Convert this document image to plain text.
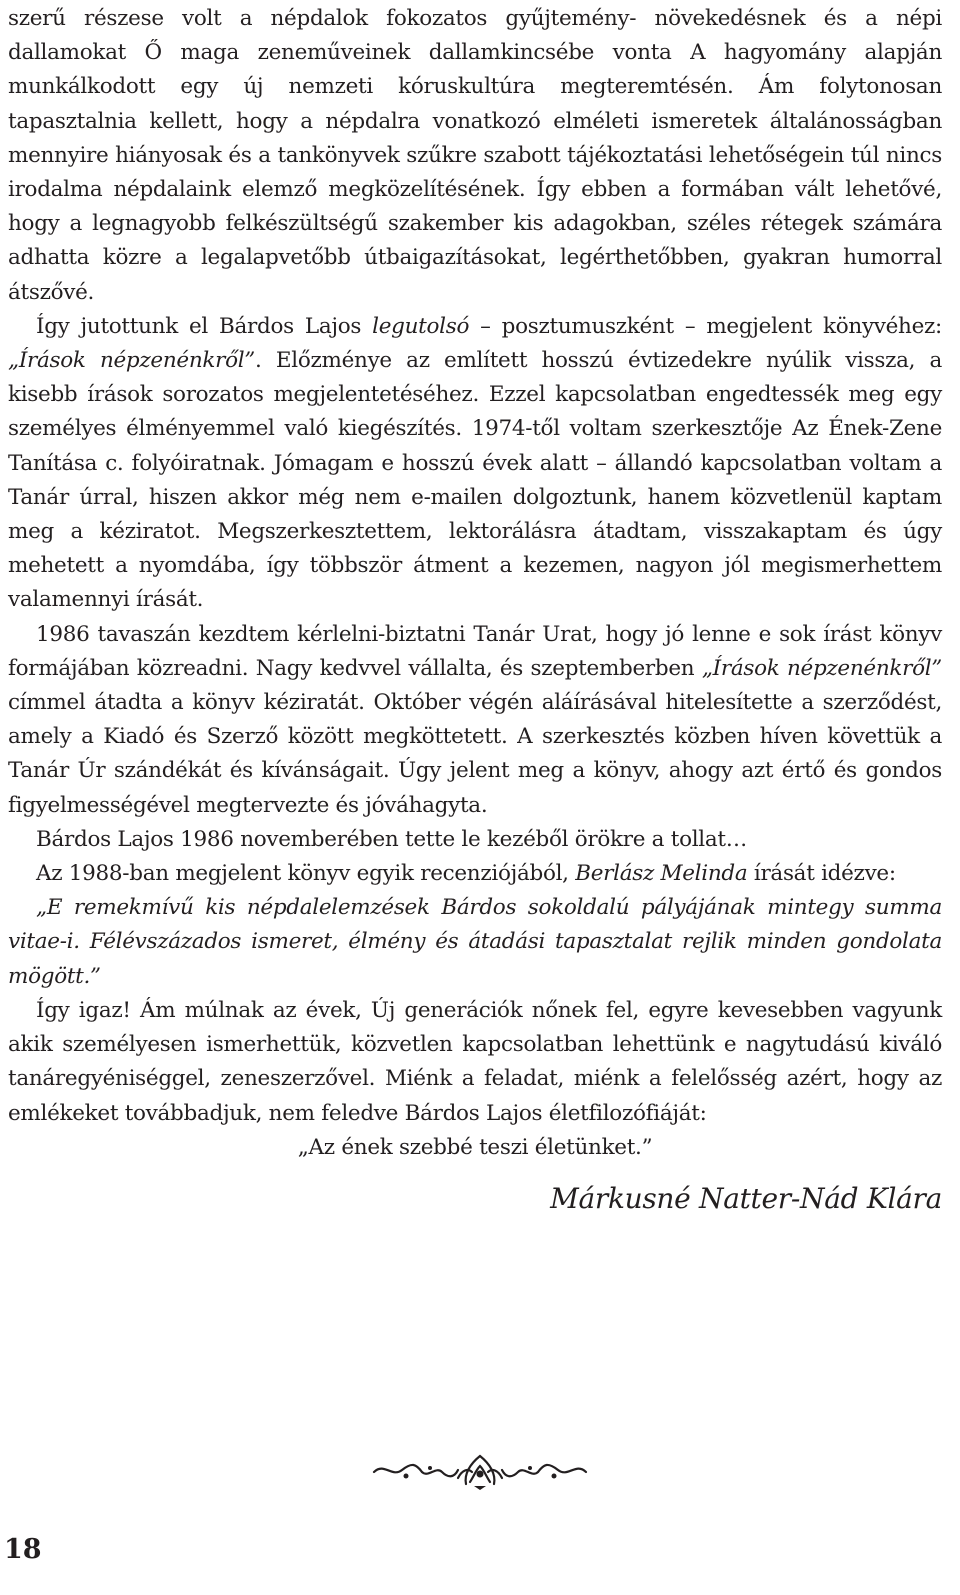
szerű részese volt a népdalok fokozatos gyűjtemény- növekedésnek és a népi dallamokat Ő maga zeneműveinek dallamkincsébe vonta A hagyomány alapján munkálkodott egy új nemzeti kóruskultúra megteremtésén. Ám folytonosan tapasztalnia kellett, hogy a népdalra vonatkozó elméleti ismeretek általánosságban mennyire hiányosak és a tankönyvek szűkre szabott tájékoztatási lehetőségein túl nincs irodalma népdalaink elemző megközelítésének. Így ebben a formában vált lehetővé, hogy a legnagyobb felkészültségű szakember kis adagokban, széles rétegek számára adhatta közre a legalapvetőbb útbaigazításokat, legérthetőbben, gyakran humorral átszővé.

Így jutottunk el Bárdos Lajos legutolsó – posztumuszként – megjelent könyvéhez: „Írások népzenénkről”. Előzménye az említett hosszú évtizedekre nyúlik vissza, a kisebb írások sorozatos megjelentetéséhez. Ezzel kapcsolatban engedtessék meg egy személyes élményemmel való kiegészítés. 1974-től voltam szerkesztője Az Ének-Zene Tanítása c. folyóiratnak. Jómagam e hosszú évek alatt – állandó kapcsolatban voltam a Tanár úrral, hiszen akkor még nem e-mailen dolgoztunk, hanem közvetlenül kaptam meg a kéziratot. Megszerkesztettem, lektorálásra átadtam, visszakaptam és úgy mehetett a nyomdába, így többször átment a kezemen, nagyon jól megismerhettem valamennyi írását.

1986 tavaszán kezdtem kérlelni-biztatni Tanár Urat, hogy jó lenne e sok írást könyv formájában közreadni. Nagy kedvvel vállalta, és szeptemberben „Írások népzenénkről” címmel átadta a könyv kéziratát. Október végén aláírásával hitelesítette a szerződést, amely a Kiadó és Szerző között megköttetett. A szerkesztés közben híven követtük a Tanár Úr szándékát és kívánságait. Úgy jelent meg a könyv, ahogy azt értő és gondos figyelmességével megtervezte és jóváhagyta.

Bárdos Lajos 1986 novemberében tette le kezéből örökre a tollat…

Az 1988-ban megjelent könyv egyik recenziójából, Berlász Melinda írását idézve:

„E remekmívű kis népdalelemzések Bárdos sokoldalú pályájának mintegy summa vitae-i. Félévszázados ismeret, élmény és átadási tapasztalat rejlik minden gondolata mögött.”

Így igaz! Ám múlnak az évek, Új generációk nőnek fel, egyre kevesebben vagyunk akik személyesen ismerhettük, közvetlen kapcsolatban lehettünk e nagytudású kiváló tanáregyéniséggel, zeneszerzővel. Miénk a feladat, miénk a felelősség azért, hogy az emlékeket továbbadjuk, nem feledve Bárdos Lajos életfilozófiáját:

„Az ének szebbé teszi életünket.”

Márkusné Natter-Nád Klára

18
